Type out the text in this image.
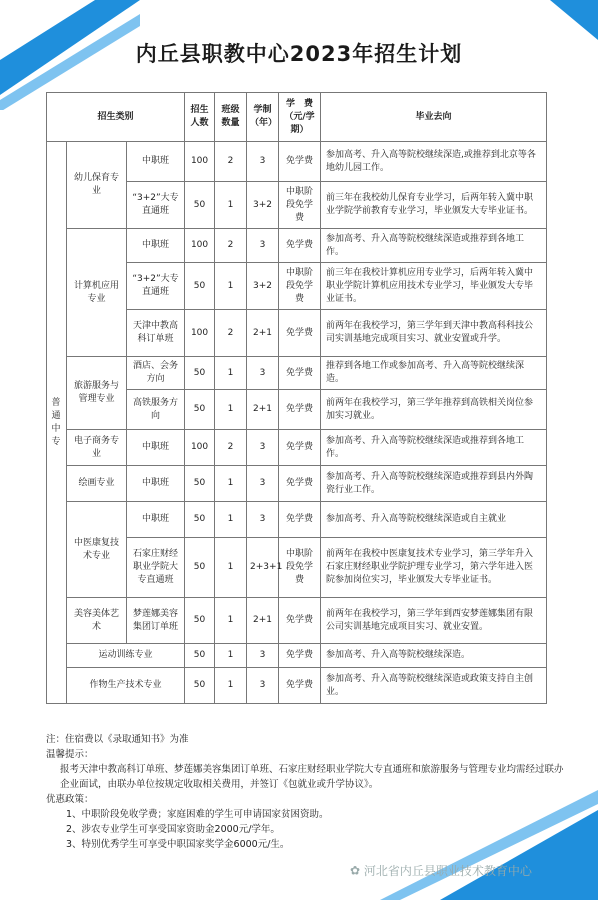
内丘县职教中心2023年招生计划
招生类别			招生人数	班级数量	学制（年）	学　费（元/学期）	毕业去向
普通中专	幼儿保育专业	中职班	100	2	3	免学费	参加高考、升入高等院校继续深造,或推荐到北京等各地幼儿园工作。
		“3+2”大专直通班	50	1	3+2	中职阶段免学费	前三年在我校幼儿保育专业学习，后两年转入冀中职业学院学前教育专业学习，毕业颁发大专毕业证书。
	计算机应用专业	中职班	100	2	3	免学费	参加高考、升入高等院校继续深造或推荐到各地工作。
		“3+2”大专直通班	50	1	3+2	中职阶段免学费	前三年在我校计算机应用专业学习，后两年转入冀中职业学院计算机应用技术专业学习，毕业颁发大专毕业证书。
		天津中教高科订单班	100	2	2+1	免学费	前两年在我校学习，第三学年到天津中教高科科技公司实训基地完成项目实习、就业安置或升学。
	旅游服务与管理专业	酒店、会务方向	50	1	3	免学费	推荐到各地工作或参加高考、升入高等院校继续深造。
		高铁服务方向	50	1	2+1	免学费	前两年在我校学习，第三学年推荐到高铁相关岗位参加实习就业。
	电子商务专业	中职班	100	2	3	免学费	参加高考、升入高等院校继续深造或推荐到各地工作。
	绘画专业	中职班	50	1	3	免学费	参加高考、升入高等院校继续深造或推荐到县内外陶瓷行业工作。
	中医康复技术专业	中职班	50	1	3	免学费	参加高考、升入高等院校继续深造或自主就业
		石家庄财经职业学院大专直通班	50	1	2+3+1	中职阶段免学费	前两年在我校中医康复技术专业学习，第三学年升入石家庄财经职业学院护理专业学习，第六学年进入医院参加岗位实习，毕业颁发大专毕业证书。
	美容美体艺术	梦莲娜美容集团订单班	50	1	2+1	免学费	前两年在我校学习，第三学年到西安梦莲娜集团有限公司实训基地完成项目实习、就业安置。
	运动训练专业		50	1	3	免学费	参加高考、升入高等院校继续深造。
	作物生产技术专业		50	1	3	免学费	参加高考、升入高等院校继续深造或政策支持自主创业。

注：住宿费以《录取通知书》为准

温馨提示：

报考天津中教高科订单班、梦莲娜美容集团订单班、石家庄财经职业学院大专直通班和旅游服务与管理专业均需经过联办企业面试，由联办单位按规定收取相关费用，并签订《包就业或升学协议》。

优惠政策：

1、中职阶段免收学费；家庭困难的学生可申请国家贫困资助。

2、涉农专业学生可享受国家资助金2000元/学年。

3、特别优秀学生可享受中职国家奖学金6000元/生。

✿ 河北省内丘县职业技术教育中心
